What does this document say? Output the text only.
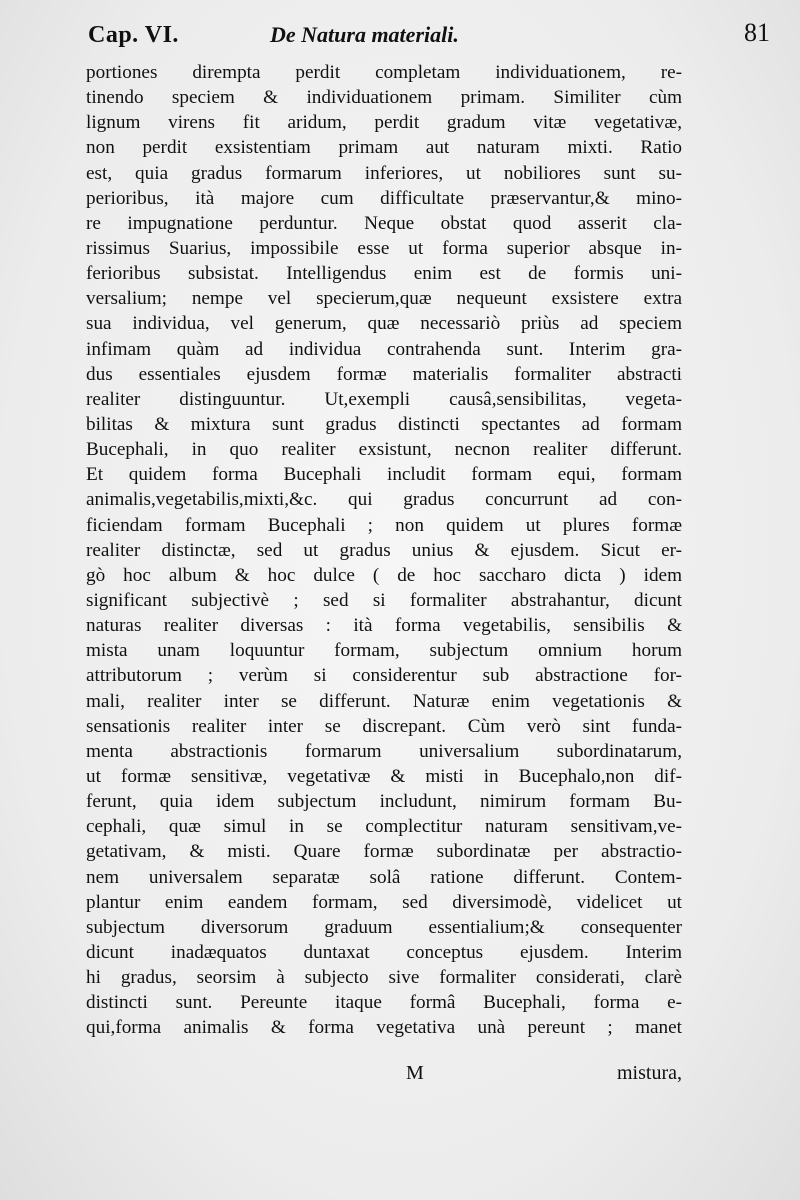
Cap. VI.	De Natura materiali.	81
portiones dirempta perdit completam individuationem, re-
tinendo speciem & individuationem primam. Similiter cùm
lignum virens fit aridum, perdit gradum vitæ vegetativæ,
non perdit exsistentiam primam aut naturam mixti. Ratio
est, quia gradus formarum inferiores, ut nobiliores sunt su-
perioribus, ità majore cum difficultate præservantur,& mino-
re impugnatione perduntur. Neque obstat quod asserit cla-
rissimus Suarius, impossibile esse ut forma superior absque in-
ferioribus subsistat. Intelligendus enim est de formis uni-
versalium; nempe vel specierum,quæ nequeunt exsistere extra
sua individua, vel generum, quæ necessariò priùs ad speciem
infimam quàm ad individua contrahenda sunt. Interim gra-
dus essentiales ejusdem formæ materialis formaliter abstracti
realiter distinguuntur. Ut,exempli causâ,sensibilitas, vegeta-
bilitas & mixtura sunt gradus distincti spectantes ad formam
Bucephali, in quo realiter exsistunt, necnon realiter differunt.
Et quidem forma Bucephali includit formam equi, formam
animalis,vegetabilis,mixti,&c. qui gradus concurrunt ad con-
ficiendam formam Bucephali ; non quidem ut plures formæ
realiter distinctæ, sed ut gradus unius & ejusdem. Sicut er-
gò hoc album & hoc dulce ( de hoc saccharo dicta ) idem
significant subjectivè ; sed si formaliter abstrahantur, dicunt
naturas realiter diversas : ità forma vegetabilis, sensibilis &
mista unam loquuntur formam, subjectum omnium horum
attributorum ; verùm si considerentur sub abstractione for-
mali, realiter inter se differunt. Naturæ enim vegetationis &
sensationis realiter inter se discrepant. Cùm verò sint funda-
menta abstractionis formarum universalium subordinatarum,
ut formæ sensitivæ, vegetativæ & misti in Bucephalo,non dif-
ferunt, quia idem subjectum includunt, nimirum formam Bu-
cephali, quæ simul in se complectitur naturam sensitivam,ve-
getativam, & misti. Quare formæ subordinatæ per abstractio-
nem universalem separatæ solâ ratione differunt. Contem-
plantur enim eandem formam, sed diversimodè, videlicet ut
subjectum diversorum graduum essentialium;& consequenter
dicunt inadæquatos duntaxat conceptus ejusdem. Interim
hi gradus, seorsim à subjecto sive formaliter considerati, clarè
distincti sunt. Pereunte itaque formâ Bucephali, forma e-
qui,forma animalis & forma vegetativa unà pereunt ; manet
M	mistura,
